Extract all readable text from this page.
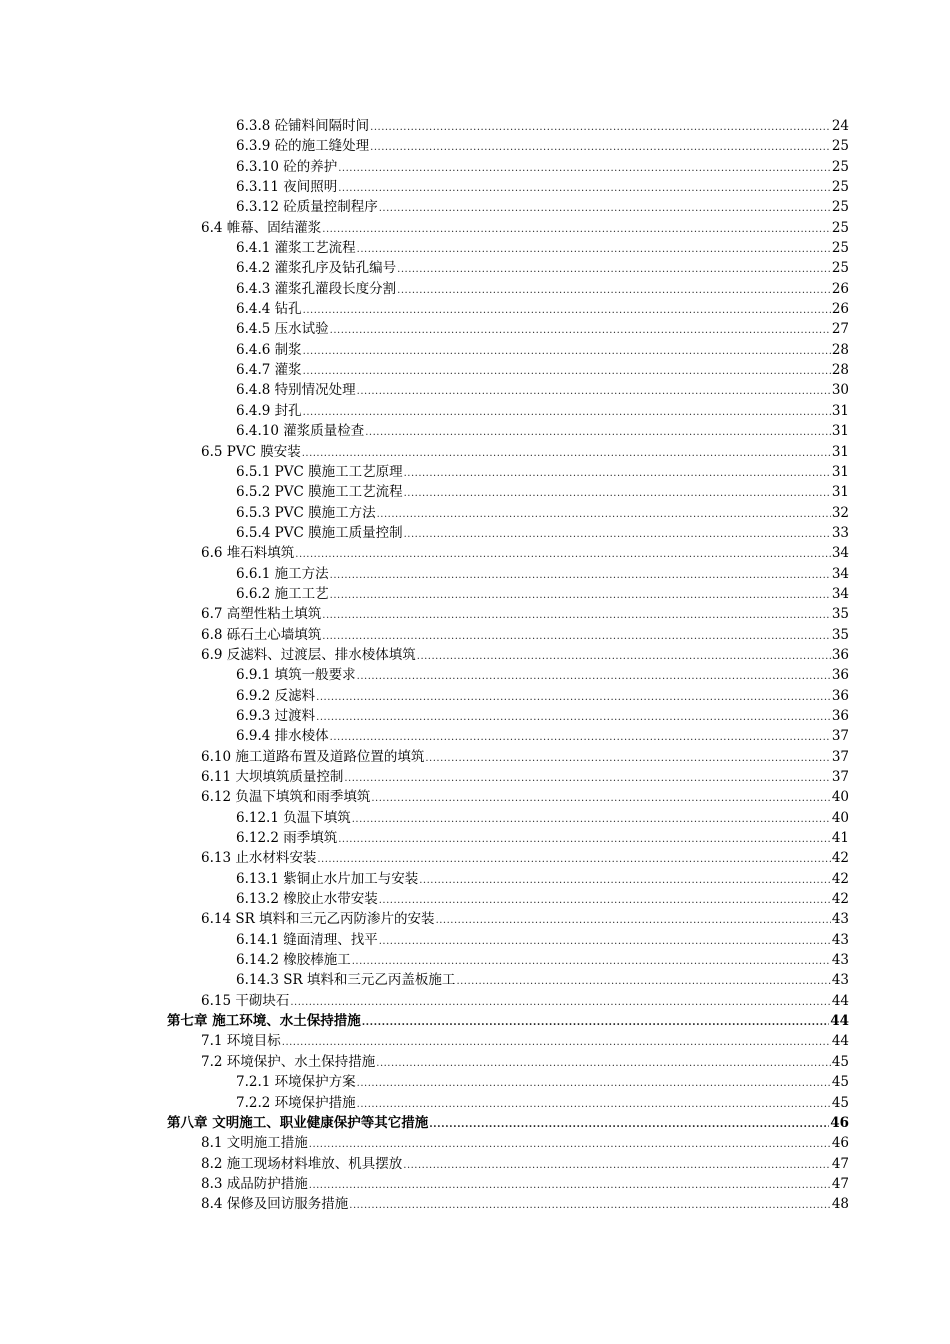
6.3.8 砼铺料间隔时间 .....	24
6.3.9 砼的施工缝处理 .....	25
6.3.10 砼的养护 .....	25
6.3.11 夜间照明 .....	25
6.3.12 砼质量控制程序 .....	25
6.4 帷幕、固结灌浆 .....	25
6.4.1 灌浆工艺流程 .....	25
6.4.2 灌浆孔序及钻孔编号 .....	25
6.4.3 灌浆孔灌段长度分割 .....	26
6.4.4 钻孔 .....	26
6.4.5 压水试验 .....	27
6.4.6 制浆 .....	28
6.4.7 灌浆 .....	28
6.4.8 特别情况处理 .....	30
6.4.9 封孔 .....	31
6.4.10 灌浆质量检查 .....	31
6.5 PVC 膜安装 .....	31
6.5.1 PVC 膜施工工艺原理 .....	31
6.5.2 PVC 膜施工工艺流程 .....	31
6.5.3 PVC 膜施工方法 .....	32
6.5.4 PVC 膜施工质量控制 .....	33
6.6 堆石料填筑 .....	34
6.6.1 施工方法 .....	34
6.6.2 施工工艺 .....	34
6.7 高塑性粘土填筑 .....	35
6.8 砾石土心墙填筑 .....	35
6.9 反滤料、过渡层、排水棱体填筑 .....	36
6.9.1 填筑一般要求 .....	36
6.9.2 反滤料 .....	36
6.9.3 过渡料 .....	36
6.9.4 排水棱体 .....	37
6.10 施工道路布置及道路位置的填筑 .....	37
6.11 大坝填筑质量控制 .....	37
6.12 负温下填筑和雨季填筑 .....	40
6.12.1 负温下填筑 .....	40
6.12.2 雨季填筑 .....	41
6.13 止水材料安装 .....	42
6.13.1 紫铜止水片加工与安装 .....	42
6.13.2 橡胶止水带安装 .....	42
6.14 SR 填料和三元乙丙防渗片的安装 .....	43
6.14.1 缝面清理、找平 .....	43
6.14.2 橡胶棒施工 .....	43
6.14.3 SR 填料和三元乙丙盖板施工 .....	43
6.15 干砌块石 .....	44
第七章 施工环境、水土保持措施 .....	44
7.1 环境目标 .....	44
7.2 环境保护、水土保持措施 .....	45
7.2.1 环境保护方案 .....	45
7.2.2 环境保护措施 .....	45
第八章 文明施工、职业健康保护等其它措施 .....	46
8.1 文明施工措施 .....	46
8.2 施工现场材料堆放、机具摆放 .....	47
8.3 成品防护措施 .....	47
8.4 保修及回访服务措施 .....	48
